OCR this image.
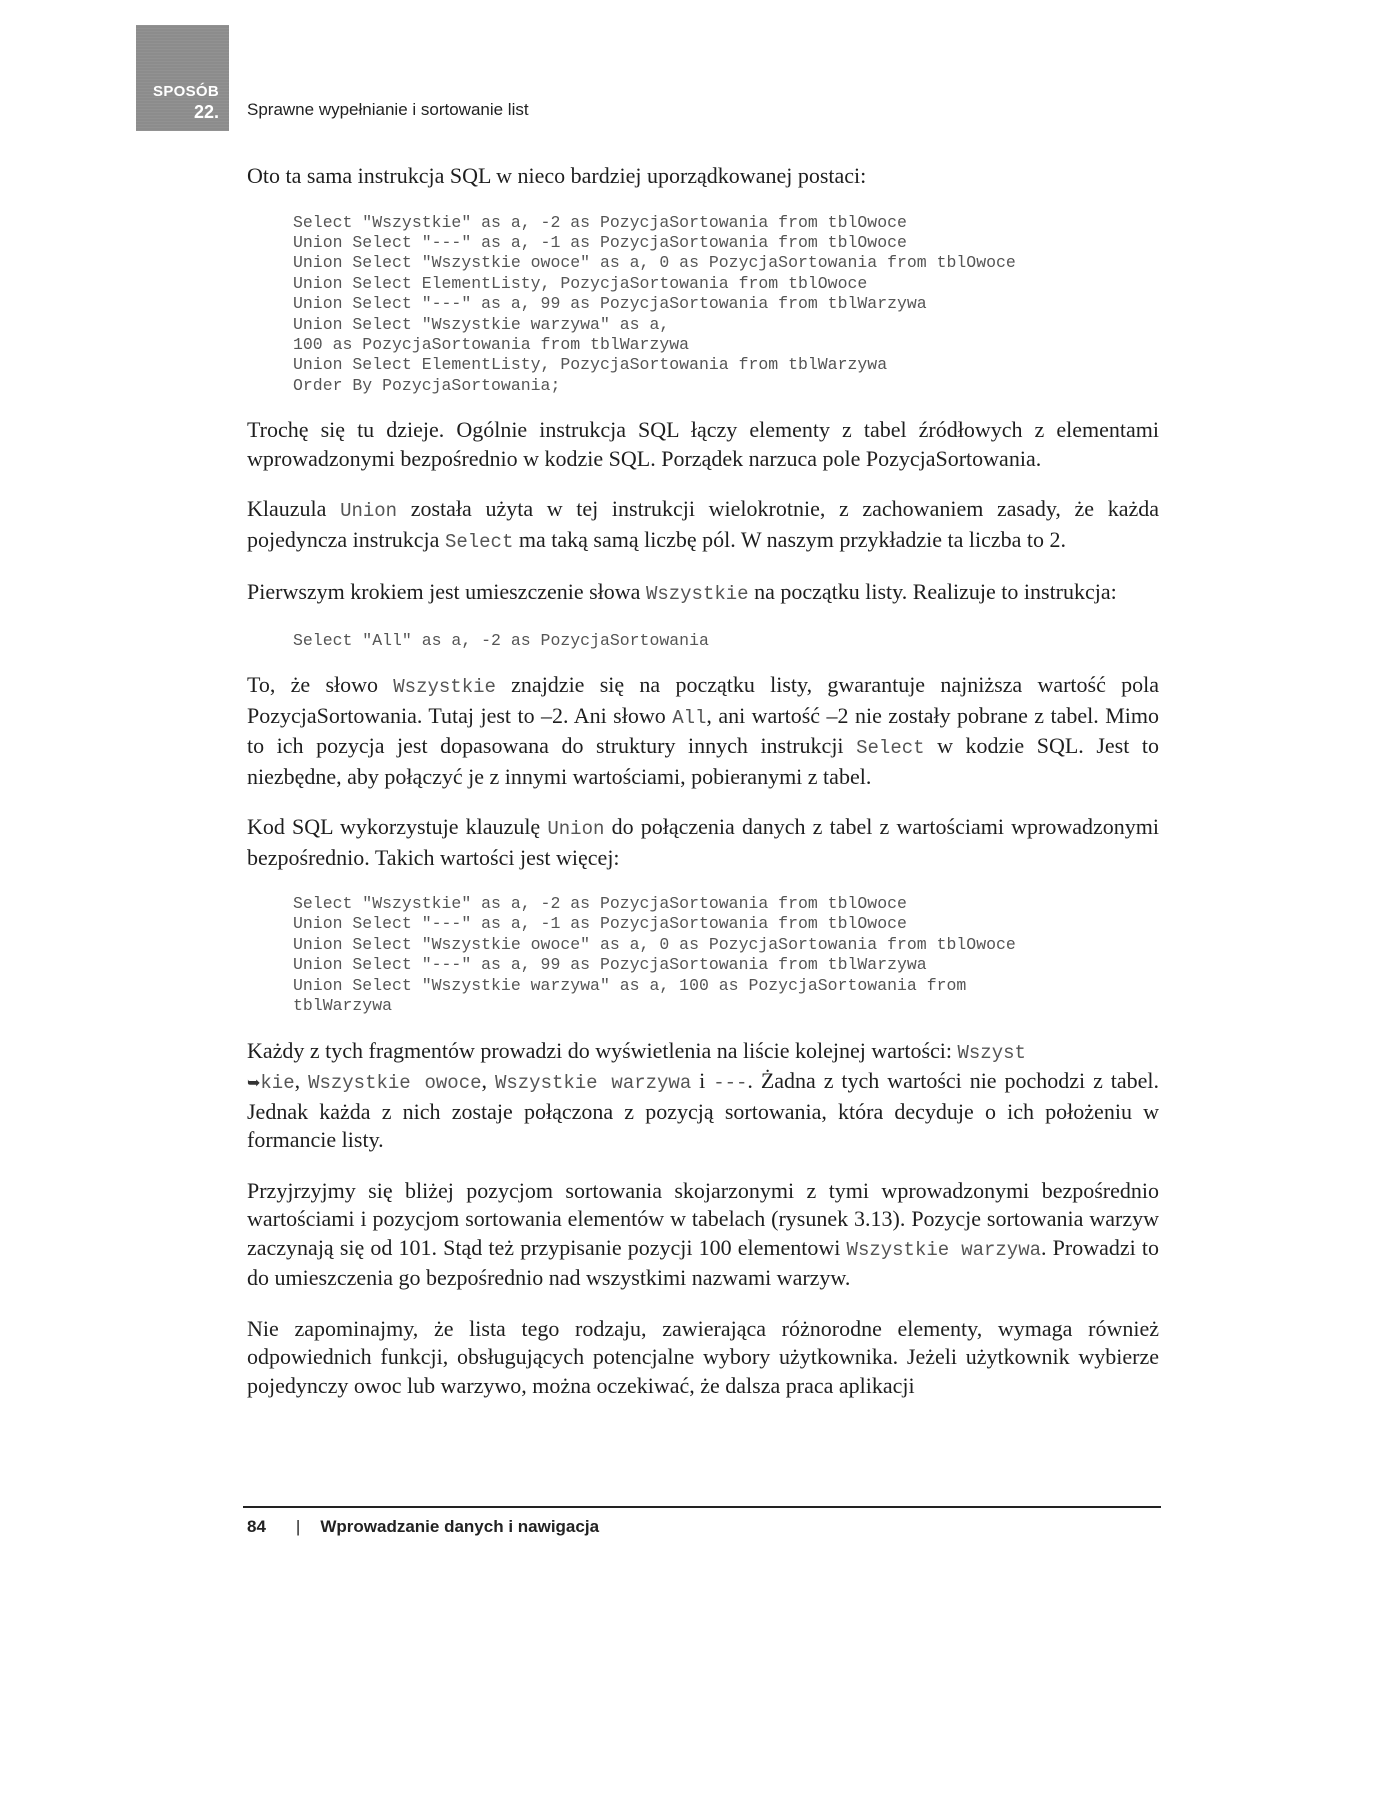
SPOSÓB
22. Sprawne wypełnianie i sortowanie list

Oto ta sama instrukcja SQL w nieco bardziej uporządkowanej postaci:

Select "Wszystkie" as a, -2 as PozycjaSortowania from tblOwoce
Union Select "---" as a, -1 as PozycjaSortowania from tblOwoce
Union Select "Wszystkie owoce" as a, 0 as PozycjaSortowania from tblOwoce
Union Select ElementListy, PozycjaSortowania from tblOwoce
Union Select "---" as a, 99 as PozycjaSortowania from tblWarzywa
Union Select "Wszystkie warzywa" as a,
100 as PozycjaSortowania from tblWarzywa
Union Select ElementListy, PozycjaSortowania from tblWarzywa
Order By PozycjaSortowania;

Trochę się tu dzieje. Ogólnie instrukcja SQL łączy elementy z tabel źródłowych z elementami wprowadzonymi bezpośrednio w kodzie SQL. Porządek narzuca pole PozycjaSortowania.

Klauzula Union została użyta w tej instrukcji wielokrotnie, z zachowaniem zasady, że każda pojedyncza instrukcja Select ma taką samą liczbę pól. W naszym przykładzie ta liczba to 2.

Pierwszym krokiem jest umieszczenie słowa Wszystkie na początku listy. Realizuje to instrukcja:

Select "All" as a, -2 as PozycjaSortowania

To, że słowo Wszystkie znajdzie się na początku listy, gwarantuje najniższa wartość pola PozycjaSortowania. Tutaj jest to –2. Ani słowo All, ani wartość –2 nie zostały pobrane z tabel. Mimo to ich pozycja jest dopasowana do struktury innych instrukcji Select w kodzie SQL. Jest to niezbędne, aby połączyć je z innymi wartościami, pobieranymi z tabel.

Kod SQL wykorzystuje klauzulę Union do połączenia danych z tabel z wartościami wprowadzonymi bezpośrednio. Takich wartości jest więcej:

Select "Wszystkie" as a, -2 as PozycjaSortowania from tblOwoce
Union Select "---" as a, -1 as PozycjaSortowania from tblOwoce
Union Select "Wszystkie owoce" as a, 0 as PozycjaSortowania from tblOwoce
Union Select "---" as a, 99 as PozycjaSortowania from tblWarzywa
Union Select "Wszystkie warzywa" as a, 100 as PozycjaSortowania from
tblWarzywa

Każdy z tych fragmentów prowadzi do wyświetlenia na liście kolejnej wartości: Wszyst
➥kie, Wszystkie owoce, Wszystkie warzywa i ---. Żadna z tych wartości nie pochodzi z tabel. Jednak każda z nich zostaje połączona z pozycją sortowania, która decyduje o ich położeniu w formancie listy.

Przyjrzyjmy się bliżej pozycjom sortowania skojarzonymi z tymi wprowadzonymi bezpośrednio wartościami i pozycjom sortowania elementów w tabelach (rysunek 3.13). Pozycje sortowania warzyw zaczynają się od 101. Stąd też przypisanie pozycji 100 elementowi Wszystkie warzywa. Prowadzi to do umieszczenia go bezpośrednio nad wszystkimi nazwami warzyw.

Nie zapominajmy, że lista tego rodzaju, zawierająca różnorodne elementy, wymaga również odpowiednich funkcji, obsługujących potencjalne wybory użytkownika. Jeżeli użytkownik wybierze pojedynczy owoc lub warzywo, można oczekiwać, że dalsza praca aplikacji

84 | Wprowadzanie danych i nawigacja
